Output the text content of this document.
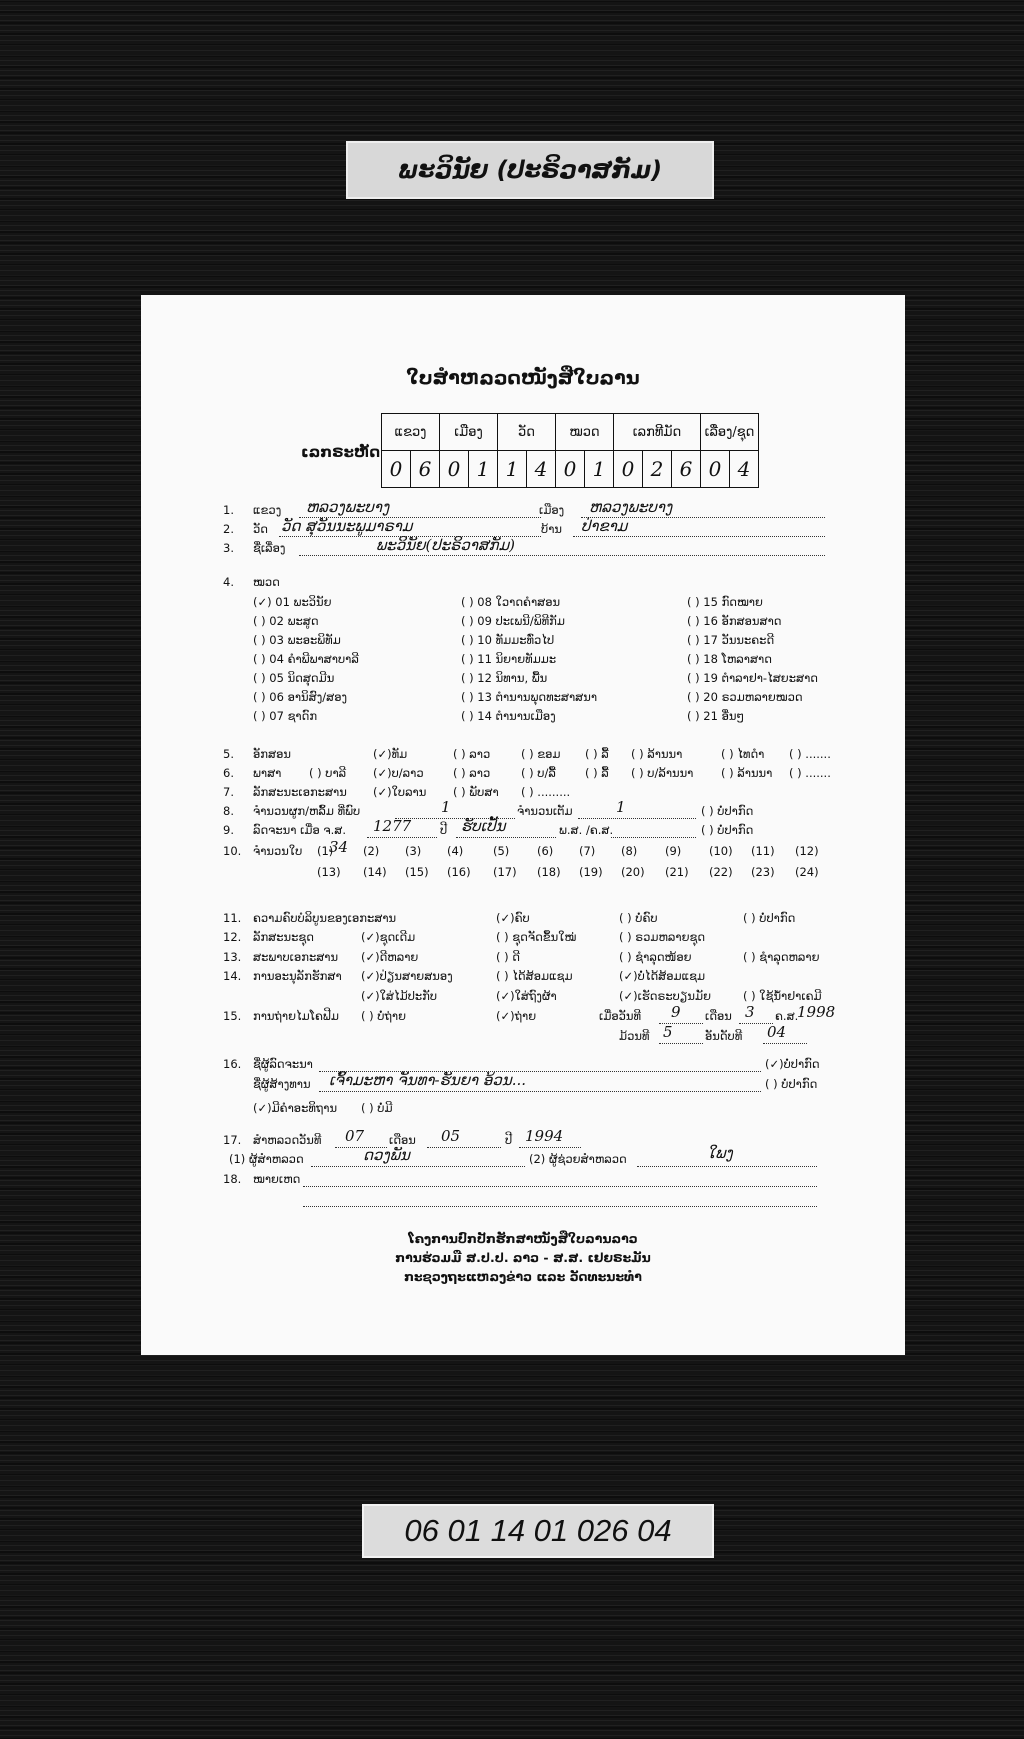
ພະວິນັຍ (ປະຣິວາສກັມ)
ໃບສຳຫລວດໜັງສືໃບລານ
ເລກຣະຫັດ
ແຂວງ		ເມືອງ		ວັດ		ໝວດ		ເລກທີມັດ			ເລື່ອງ/ຊຸດ	
0	6	0	1	1	4	0	1	0	2	6	0	4
1. ແຂວງ ຫລວງພະບາງ	ເມືອງ ຫລວງພະບາງ
2. ວັດ ວັດ ສຸວັນນະພູມາຣາມ	ບ້ານ ປ່າຂາມ
3. ຊື່ເລື່ອງ	ພະວິນັຍ(ປະຣິວາສກັມ)
4. ໝວດ
(✓) 01 ພະວິນັຍ
( ) 02 ພະສູດ
( ) 03 ພະອະພິທັມ
( ) 04 ຄຳພີພາສາບາລີ
( ) 05 ນິດສຸດມີນ
( ) 06 ອານິສົງ/ສອງ
( ) 07 ຊາດົກ
( ) 08 ໃວາດຄຳສອນ
( ) 09 ປະເພນີ/ພິທີກັມ
( ) 10 ທັມມະທົ່ວໄປ
( ) 11 ນິຍາຍທັມມະ
( ) 12 ນິທານ, ພື້ນ
( ) 13 ຕຳນານພຸດທະສາສນາ
( ) 14 ຕຳນານເມືອງ
( ) 15 ກົດໝາຍ
( ) 16 ອັກສອນສາດ
( ) 17 ວັນນະຄະດີ
( ) 18 ໂຫລາສາດ
( ) 19 ຕຳລາຢາ-ໄສຍະສາດ
( ) 20 ຣວມຫລາຍໝວດ
( ) 21 ອື່ນໆ
5. ອັກສອນ	(✓)ທັມ	( ) ລາວ	( ) ຂອມ ( ) ລື້ ( ) ລ້ານນາ	( ) ໄທດຳ ( ) .......
6. ພາສາ ( ) ບາລີ (✓)ບ/ລາວ	( ) ລາວ	( ) ບ/ລື້	( ) ລື້ ( ) ບ/ລ້ານນາ ( ) ລ້ານນາ ( ) .......
7. ລັກສະນະເອກະສານ (✓)ໃບລານ ( ) ພັບສາ ( ) .........
8. ຈຳນວນຜູກ/ຫລົ້ມ ທີ່ພົບ	1	ຈຳນວນເຕັມ	1	( ) ບໍ່ປາກົດ
9. ລົດຈະນາ ເມື່ອ ຈ.ສ. 1277	ປີ ຮັບເປັ້ນ	ພ.ສ. /ຄ.ສ.	( ) ບໍ່ປາກົດ
10. ຈຳນວນໃບ 34
11. ຄວາມຄົບບໍລິບູນຂອງເອກະສານ	(✓)ຄົບ	( ) ບໍ່ຄົບ	( ) ບໍ່ປາກົດ
12. ລັກສະນະຊຸດ	(✓)ຊຸດເດີມ	( ) ຊຸດຈັດຂຶ້ນໃໝ່	( ) ຣວມຫລາຍຊຸດ
13. ສະພາບເອກະສານ (✓)ດີຫລາຍ	( ) ດີ	( ) ຊຳລຸດໜ້ອຍ	( ) ຊຳລຸດຫລາຍ
14. ການອະນຸລັກຮັກສາ (✓)ປ່ຽນສາຍສນອງ	( ) ໄດ້ສ້ອມແຊມ	(✓)ບໍ່ໄດ້ສ້ອມແຊມ
(✓)ໃສ່ໄມ້ປະກັບ	(✓)ໃສ່ຖົງຜ້າ	(✓)ເຮັດຣະບຽນມັຍ	( ) ໃຊ້ນ້ຳຢາເຄມີ
15. ການຖ່າຍໄມໂຄຟີມ ( ) ບໍ່ຖ່າຍ	(✓)ຖ່າຍ	ເມື່ອວັນທີ 9 ເດືອນ 3 ຄ.ສ.
1998
ມ້ວນທີ 5	ອັນດັບທີ 04
16. ຊື່ຜູ້ລົດຈະນາ	(✓)ບໍ່ປາກົດ
ຊື່ຜູ້ສ້າງທານ ເຈົ້າມະຫາ ຈັນທາ-ຮັນຍາ ອ້ວນ...	( ) ບໍ່ປາກົດ
(✓)ມີຄຳອະທິຖານ ( ) ບໍ່ມີ
17. ສຳຫລວດ ວັນທີ 07 ເດືອນ 05	ປີ 1994
(1) ຜູ້ສຳຫລວດ	ດວງພັນ	(2) ຜູ້ຊ່ວຍສຳຫລວດ	ໃພງ
18. ໝາຍເຫດ
ໂຄງການປົກປັກຮັກສາໜັງສືໃບລານລາວ
ການຮ່ວມມື ສ.ປ.ປ. ລາວ - ສ.ສ. ເຢຍຣະມັນ
ກະຊວງຖະແຫລງຂ່າວ ແລະ ວັດທະນະທຳ
(1)	(2) (3) (4)	(5) (6) (7) (8) (9) (10) (11) (12)
(13) (14) (15) (16) (17) (18) (19) (20) (21) (22) (23) (24)
06 01 14 01 026 04
